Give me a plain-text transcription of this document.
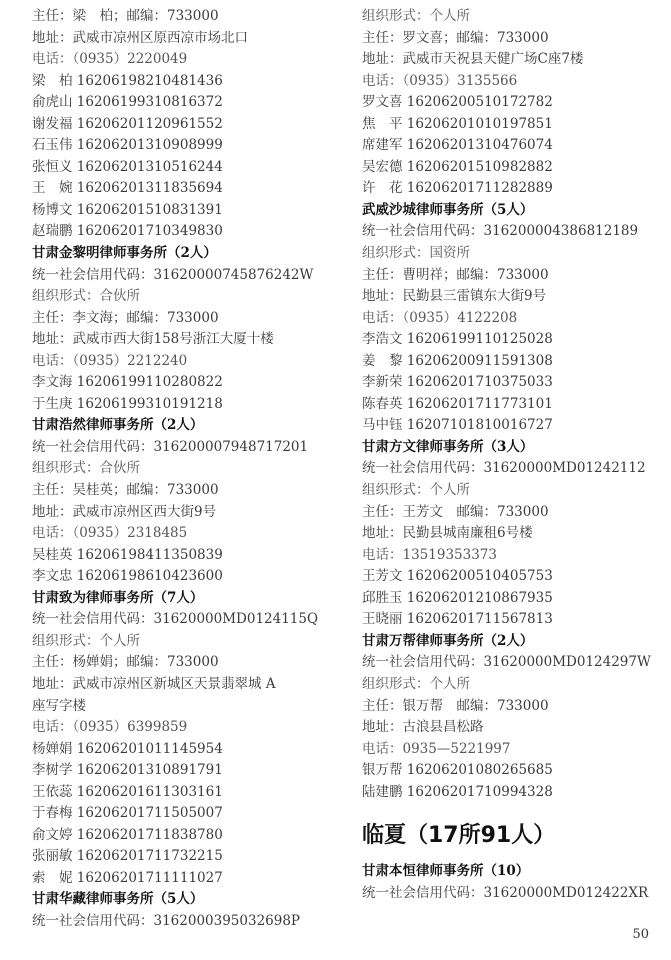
主任：梁　柏；邮编：733000
地址：武威市凉州区原西凉市场北口
电话：（0935）2220049
梁　柏 16206198210481436
俞虎山 16206199310816372
谢发福 16206201120961552
石玉伟 16206201310908999
张恒义 16206201310516244
王　婉 16206201311835694
杨博文 16206201510831391
赵瑞鹏 16206201710349830
甘肃金黎明律师事务所（2人）
统一社会信用代码：31620000745876242W
组织形式：合伙所
主任：李文海；邮编：733000
地址：武威市西大街158号浙江大厦十楼
电话：（0935）2212240
李文海 16206199110280822
于生庚 16206199310191218
甘肃浩然律师事务所（2人）
统一社会信用代码：316200007948717201
组织形式：合伙所
主任：吴桂英；邮编：733000
地址：武威市凉州区西大街9号
电话：（0935）2318485
吴桂英 16206198411350839
李文忠 16206198610423600
甘肃致为律师事务所（7人）
统一社会信用代码：31620000MD0124115Q
组织形式：个人所
主任：杨婵娟；邮编：733000
地址：武威市凉州区新城区天景翡翠城 A
座写字楼
电话：（0935）6399859
杨婵娟 16206201011145954
李树学 16206201310891791
王依蕊 16206201611303161
于春梅 16206201711505007
俞文婷 16206201711838780
张丽敏 16206201711732215
索　妮 16206201711111027
甘肃华藏律师事务所（5人）
统一社会信用代码：3162000395032698P
组织形式：个人所
主任：罗文喜；邮编：733000
地址：武威市天祝县天健广场C座7楼
电话：（0935）3135566
罗文喜 16206200510172782
焦　平 16206201010197851
席建军 16206201310476074
吴宏德 16206201510982882
许　花 16206201711282889
武威沙城律师事务所（5人）
统一社会信用代码：316200004386812189
组织形式：国资所
主任：曹明祥；邮编：733000
地址：民勤县三雷镇东大街9号
电话：（0935）4122208
李浩文 16206199110125028
姜　黎 16206200911591308
李新荣 16206201710375033
陈春英 16206201711773101
马中钰 16207101810016727
甘肃方文律师事务所（3人）
统一社会信用代码：31620000MD01242112
组织形式：个人所
主任：王芳文　邮编：733000
地址：民勤县城南廉租6号楼
电话：13519353373
王芳文 16206200510405753
邱胜玉 16206201210867935
王晓丽 16206201711567813
甘肃万帮律师事务所（2人）
统一社会信用代码：31620000MD0124297W
组织形式：个人所
主任：银万帮　邮编：733000
地址：古浪县昌松路
电话：0935—5221997
银万帮 16206201080265685
陆建鹏 16206201710994328
临夏（17所91人）
甘肃本恒律师事务所（10）
统一社会信用代码：31620000MD012422XR
50
